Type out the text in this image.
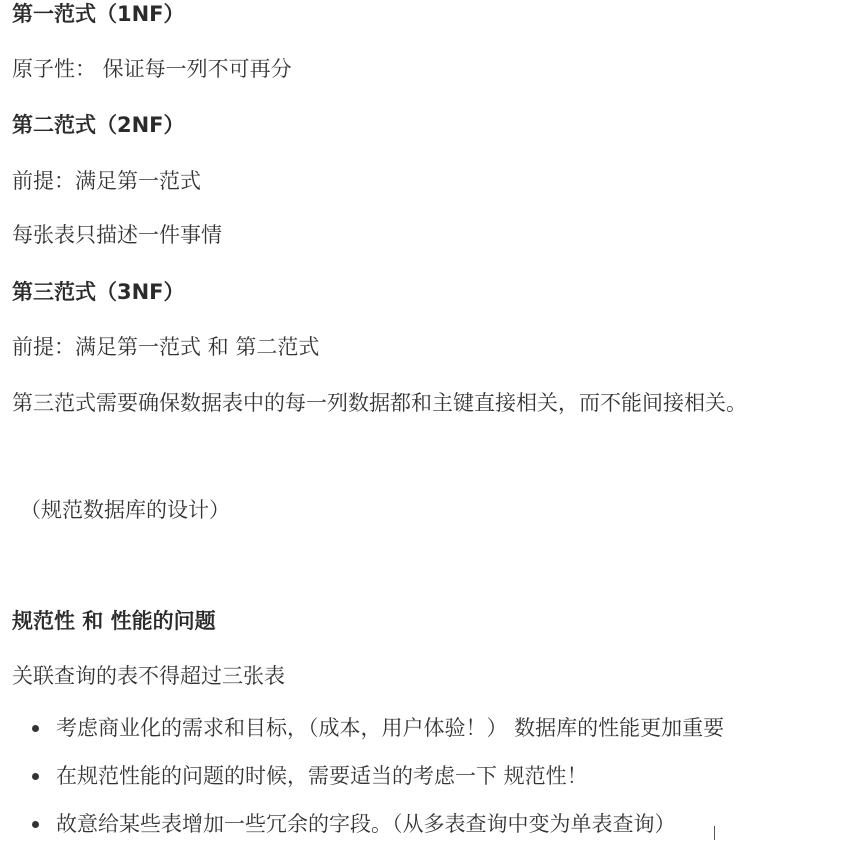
第一范式（1NF）
原子性： 保证每一列不可再分
第二范式（2NF）
前提：满足第一范式
每张表只描述一件事情
第三范式（3NF）
前提：满足第一范式 和 第二范式
第三范式需要确保数据表中的每一列数据都和主键直接相关，而不能间接相关。
（规范数据库的设计）
规范性 和 性能的问题
关联查询的表不得超过三张表
考虑商业化的需求和目标，（成本，用户体验！） 数据库的性能更加重要
在规范性能的问题的时候，需要适当的考虑一下 规范性！
故意给某些表增加一些冗余的字段。（从多表查询中变为单表查询）
